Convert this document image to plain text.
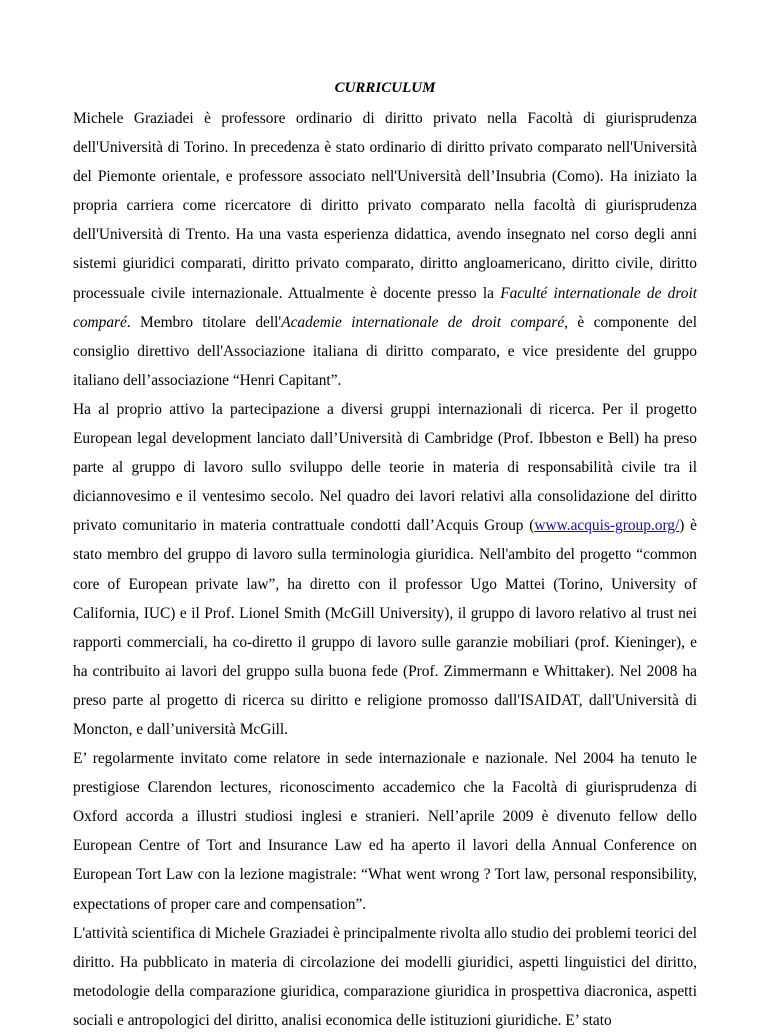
CURRICULUM

Michele Graziadei è professore ordinario di diritto privato nella Facoltà di giurisprudenza dell'Università di Torino. In precedenza è stato ordinario di diritto privato comparato nell'Università del Piemonte orientale, e professore associato nell'Università dell’Insubria (Como). Ha iniziato la propria carriera come ricercatore di diritto privato comparato nella facoltà di giurisprudenza dell'Università di Trento. Ha una vasta esperienza didattica, avendo insegnato nel corso degli anni sistemi giuridici comparati, diritto privato comparato, diritto angloamericano, diritto civile, diritto processuale civile internazionale. Attualmente è docente presso la Faculté internationale de droit comparé. Membro titolare dell'Academie internationale de droit comparé, è componente del consiglio direttivo dell'Associazione italiana di diritto comparato, e vice presidente del gruppo italiano dell’associazione “Henri Capitant”.

Ha al proprio attivo la partecipazione a diversi gruppi internazionali di ricerca. Per il progetto European legal development lanciato dall’Università di Cambridge (Prof. Ibbeston e Bell) ha preso parte al gruppo di lavoro sullo sviluppo delle teorie in materia di responsabilità civile tra il diciannovesimo e il ventesimo secolo. Nel quadro dei lavori relativi alla consolidazione del diritto privato comunitario in materia contrattuale condotti dall’Acquis Group (www.acquis-group.org/) è stato membro del gruppo di lavoro sulla terminologia giuridica. Nell'ambito del progetto “common core of European private law”, ha diretto con il professor Ugo Mattei (Torino, University of California, IUC) e il Prof. Lionel Smith (McGill University), il gruppo di lavoro relativo al trust nei rapporti commerciali, ha co-diretto il gruppo di lavoro sulle garanzie mobiliari (prof. Kieninger), e ha contribuito ai lavori del gruppo sulla buona fede (Prof. Zimmermann e Whittaker). Nel 2008 ha preso parte al progetto di ricerca su diritto e religione promosso dall'ISAIDAT, dall'Università di Moncton, e dall’università McGill.

E’ regolarmente invitato come relatore in sede internazionale e nazionale. Nel 2004 ha tenuto le prestigiose Clarendon lectures, riconoscimento accademico che la Facoltà di giurisprudenza di Oxford accorda a illustri studiosi inglesi e stranieri. Nell’aprile 2009 è divenuto fellow dello European Centre of Tort and Insurance Law ed ha aperto il lavori della Annual Conference on European Tort Law con la lezione magistrale: “What went wrong ? Tort law, personal responsibility, expectations of proper care and compensation”.

L'attività scientifica di Michele Graziadei è principalmente rivolta allo studio dei problemi teorici del diritto. Ha pubblicato in materia di circolazione dei modelli giuridici, aspetti linguistici del diritto, metodologie della comparazione giuridica, comparazione giuridica in prospettiva diacronica, aspetti sociali e antropologici del diritto, analisi economica delle istituzioni giuridiche. E’ stato
